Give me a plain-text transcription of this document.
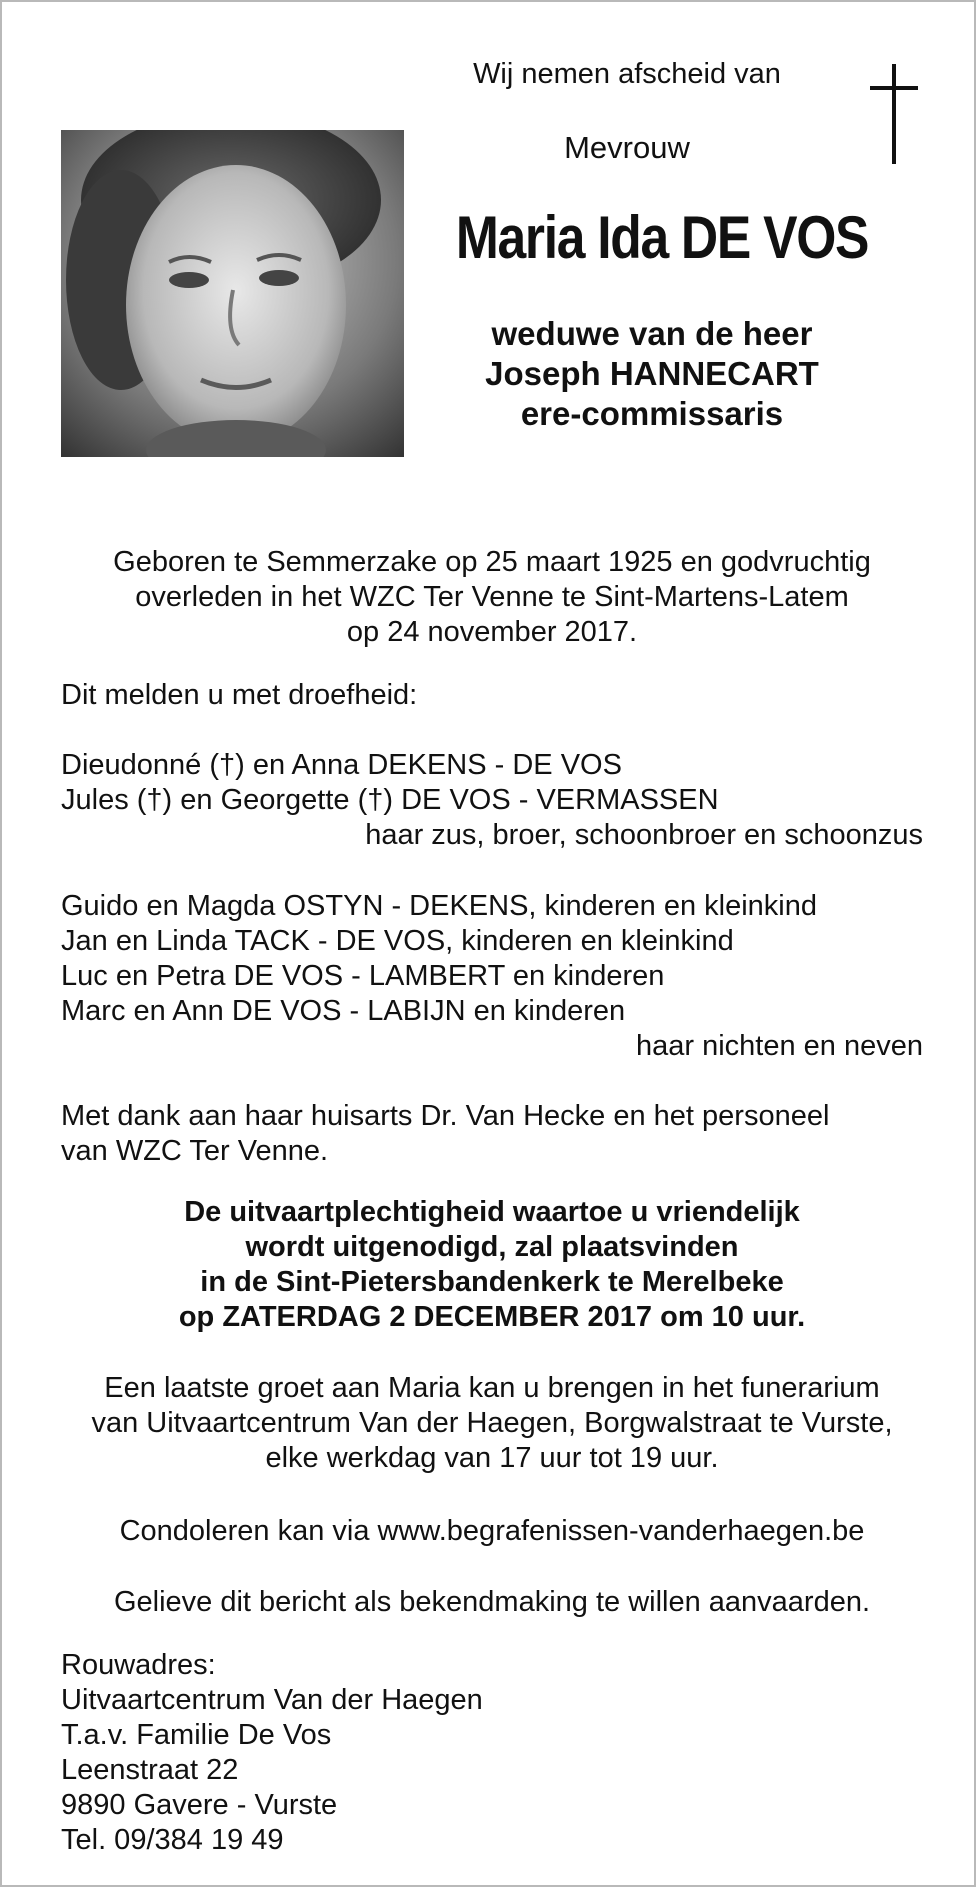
Wij nemen afscheid van
Mevrouw
Maria Ida DE VOS
weduwe van de heer
Joseph HANNECART
ere-commissaris
Geboren te Semmerzake op 25 maart 1925 en godvruchtig
overleden in het WZC Ter Venne te Sint-Martens-Latem
op 24 november 2017.
Dit melden u met droefheid:
Dieudonné (†) en Anna DEKENS - DE VOS
Jules (†) en Georgette (†) DE VOS - VERMASSEN
haar zus, broer, schoonbroer en schoonzus
Guido en Magda OSTYN - DEKENS, kinderen en kleinkind
Jan en Linda TACK - DE VOS, kinderen en kleinkind
Luc en Petra DE VOS - LAMBERT en kinderen
Marc en Ann DE VOS - LABIJN en kinderen
haar nichten en neven
Met dank aan haar huisarts Dr. Van Hecke en het personeel
van WZC Ter Venne.
De uitvaartplechtigheid waartoe u vriendelijk
wordt uitgenodigd, zal plaatsvinden
in de Sint-Pietersbandenkerk te Merelbeke
op ZATERDAG 2 DECEMBER 2017 om 10 uur.
Een laatste groet aan Maria kan u brengen in het funerarium
van Uitvaartcentrum Van der Haegen, Borgwalstraat te Vurste,
elke werkdag van 17 uur tot 19 uur.
Condoleren kan via www.begrafenissen-vanderhaegen.be
Gelieve dit bericht als bekendmaking te willen aanvaarden.
Rouwadres:
Uitvaartcentrum Van der Haegen
T.a.v. Familie De Vos
Leenstraat 22
9890 Gavere - Vurste
Tel. 09/384 19 49
